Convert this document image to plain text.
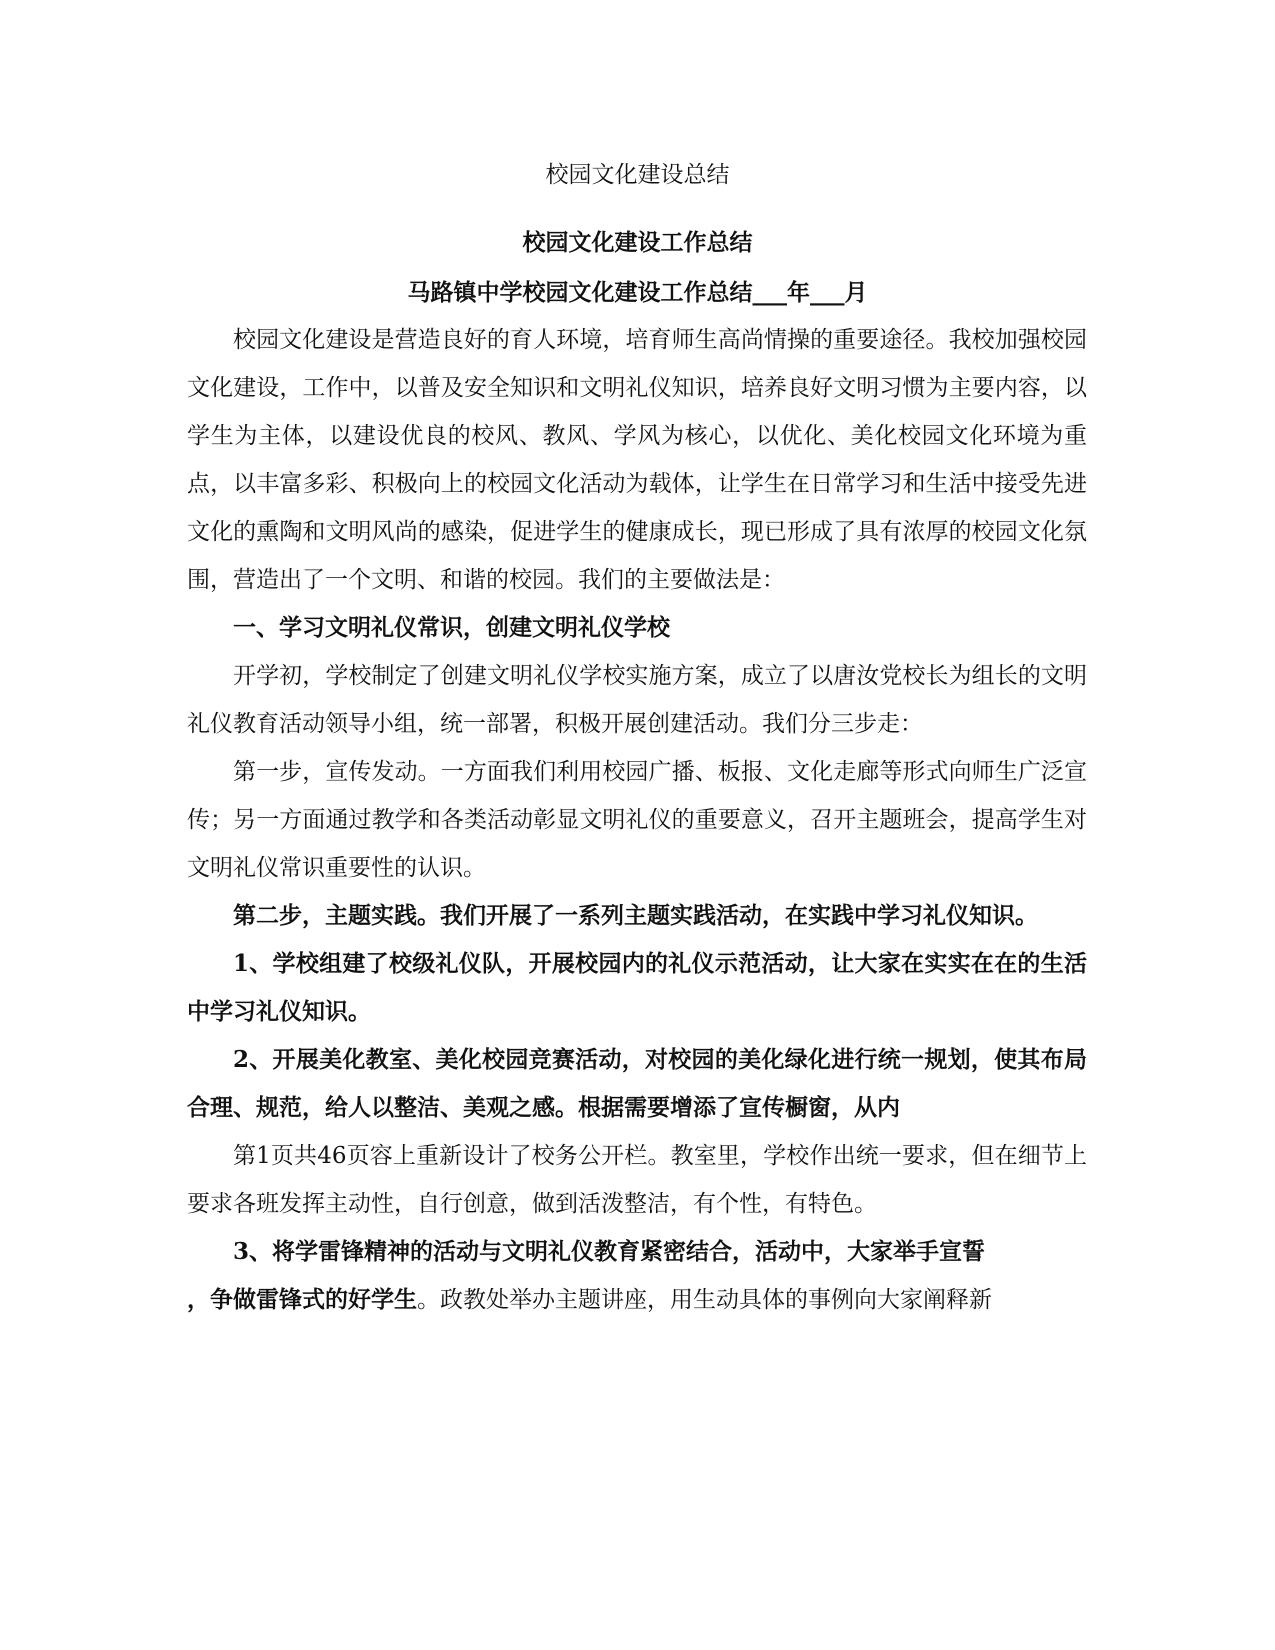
校园文化建设总结
校园文化建设工作总结
马路镇中学校园文化建设工作总结___年___月

校园文化建设是营造良好的育人环境，培育师生高尚情操的重要途径。我校加强校园文化建设，工作中，以普及安全知识和文明礼仪知识，培养良好文明习惯为主要内容，以学生为主体，以建设优良的校风、教风、学风为核心，以优化、美化校园文化环境为重点，以丰富多彩、积极向上的校园文化活动为载体，让学生在日常学习和生活中接受先进文化的熏陶和文明风尚的感染，促进学生的健康成长，现已形成了具有浓厚的校园文化氛围，营造出了一个文明、和谐的校园。我们的主要做法是：

一、学习文明礼仪常识，创建文明礼仪学校

开学初，学校制定了创建文明礼仪学校实施方案，成立了以唐汝党校长为组长的文明礼仪教育活动领导小组，统一部署，积极开展创建活动。我们分三步走：

第一步，宣传发动。一方面我们利用校园广播、板报、文化走廊等形式向师生广泛宣传；另一方面通过教学和各类活动彰显文明礼仪的重要意义，召开主题班会，提高学生对文明礼仪常识重要性的认识。

第二步，主题实践。我们开展了一系列主题实践活动，在实践中学习礼仪知识。

1、学校组建了校级礼仪队，开展校园内的礼仪示范活动，让大家在实实在在的生活中学习礼仪知识。

2、开展美化教室、美化校园竞赛活动，对校园的美化绿化进行统一规划，使其布局合理、规范，给人以整洁、美观之感。根据需要增添了宣传橱窗，从内

第1页共46页容上重新设计了校务公开栏。教室里，学校作出统一要求，但在细节上要求各班发挥主动性，自行创意，做到活泼整洁，有个性，有特色。

3、将学雷锋精神的活动与文明礼仪教育紧密结合，活动中，大家举手宣誓
，争做雷锋式的好学生。政教处举办主题讲座，用生动具体的事例向大家阐释新
